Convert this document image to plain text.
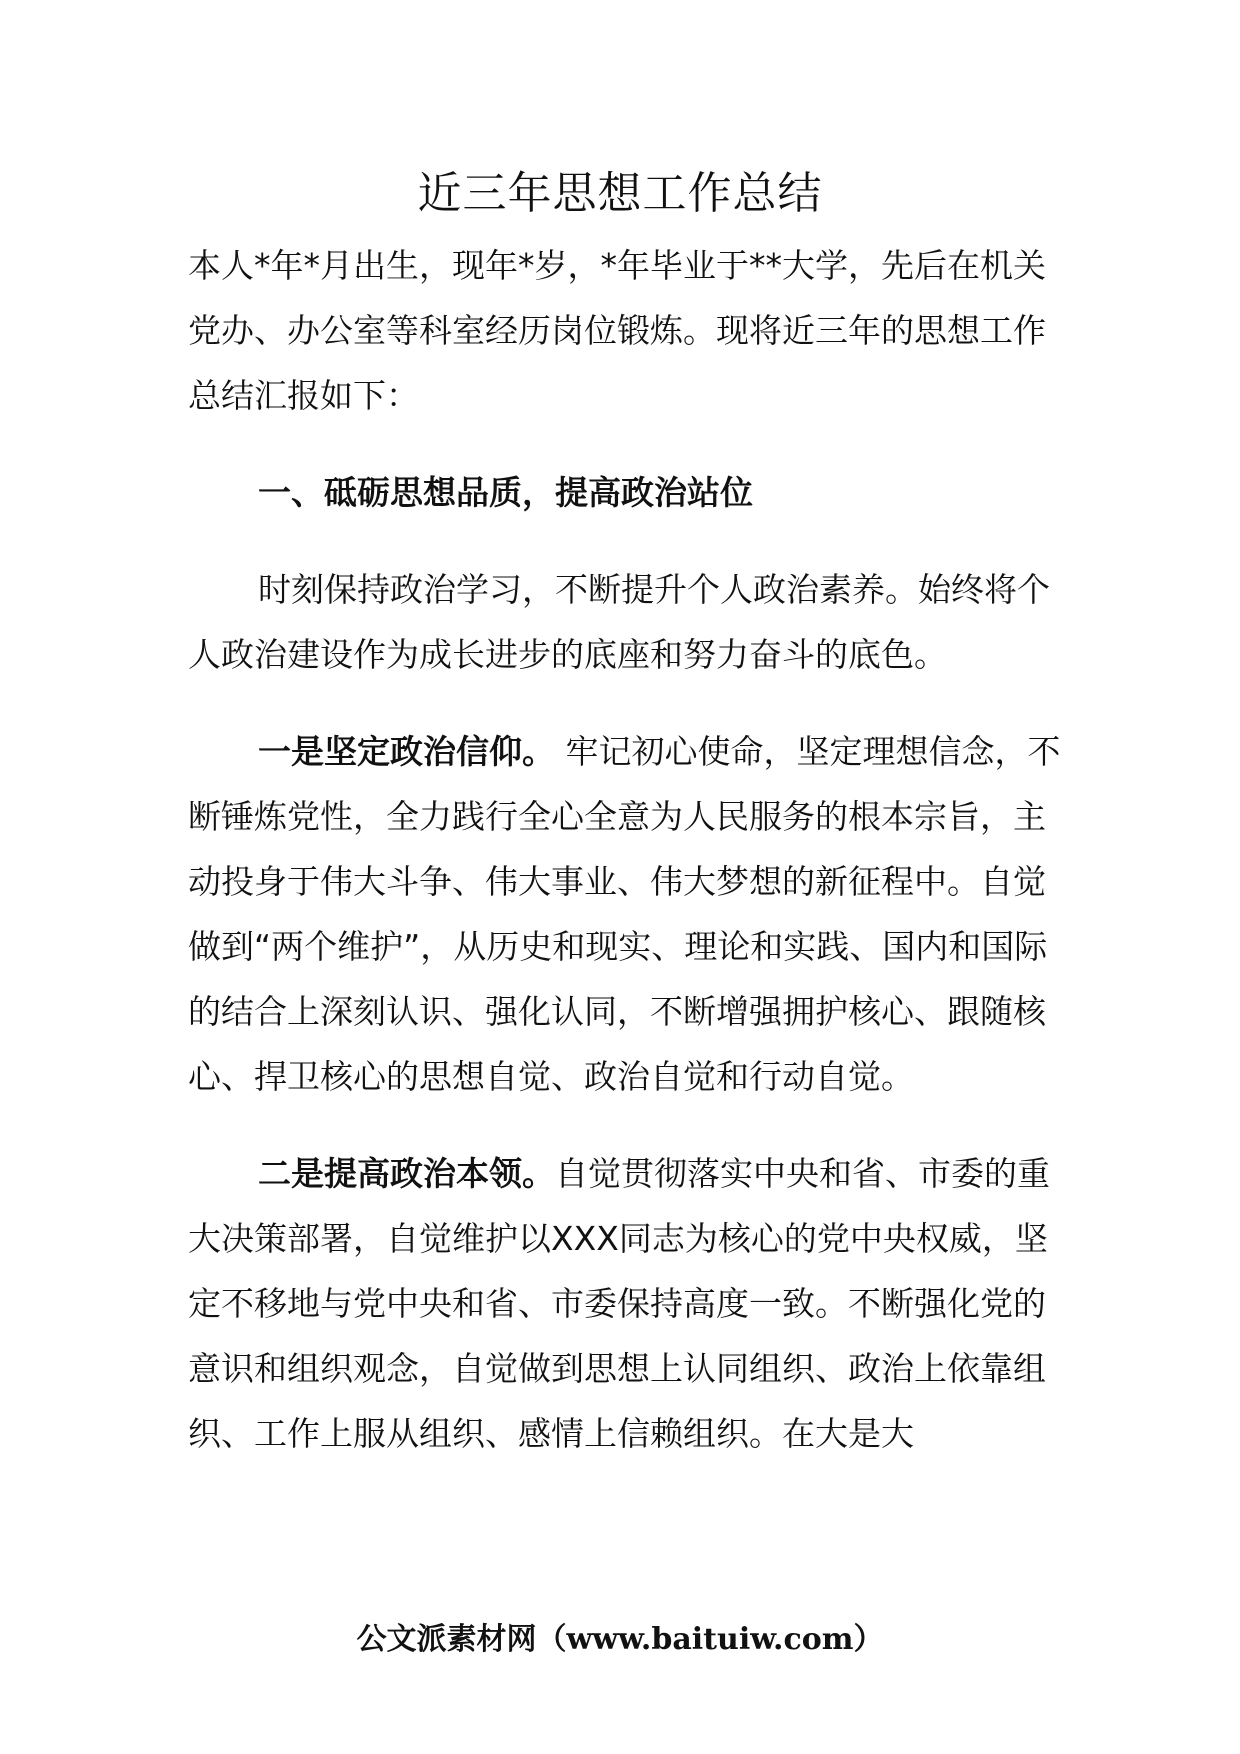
近三年思想工作总结

本人*年*月出生，现年*岁，*年毕业于**大学，先后在机关党办、办公室等科室经历岗位锻炼。现将近三年的思想工作总结汇报如下：

一、砥砺思想品质，提高政治站位

时刻保持政治学习，不断提升个人政治素养。始终将个人政治建设作为成长进步的底座和努力奋斗的底色。

一是坚定政治信仰。 牢记初心使命，坚定理想信念，不断锤炼党性，全力践行全心全意为人民服务的根本宗旨，主动投身于伟大斗争、伟大事业、伟大梦想的新征程中。自觉做到“两个维护”，从历史和现实、理论和实践、国内和国际的结合上深刻认识、强化认同，不断增强拥护核心、跟随核心、捍卫核心的思想自觉、政治自觉和行动自觉。

二是提高政治本领。自觉贯彻落实中央和省、市委的重大决策部署，自觉维护以XXX同志为核心的党中央权威，坚定不移地与党中央和省、市委保持高度一致。不断强化党的意识和组织观念，自觉做到思想上认同组织、政治上依靠组织、工作上服从组织、感情上信赖组织。在大是大

公文派素材网（www.baituiw.com）
